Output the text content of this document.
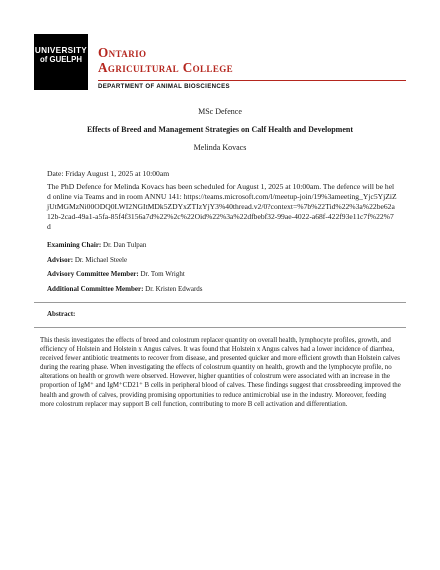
UNIVERSITY
of GUELPH	Ontario
Agricultural College
DEPARTMENT OF ANIMAL BIOSCIENCES
MSc Defence
Effects of Breed and Management Strategies on Calf Health and Development
Melinda Kovacs
Date: Friday August 1, 2025 at 10:00am
The PhD Defence for Melinda Kovacs has been scheduled for August 1, 2025 at 10:00am. The defence will be held online via Teams and in room ANNU 141: https://teams.microsoft.com/l/meetup-join/19%3ameeting_Yjc5YjZiZjUtMGMzNi00ODQ0LWI2NGItMDk5ZDYxZTIzYjY3%40thread.v2/0?context=%7b%22Tid%22%3a%22be62a12b-2cad-49a1-a5fa-85f4f3156a7d%22%2c%22Oid%22%3a%22dfbebf32-99ae-4022-a68f-422f93e11c7f%22%7d
Examining Chair: Dr. Dan Tulpan
Advisor: Dr. Michael Steele
Advisory Committee Member: Dr. Tom Wright
Additional Committee Member: Dr. Kristen Edwards
Abstract:
This thesis investigates the effects of breed and colostrum replacer quantity on overall health, lymphocyte profiles, growth, and efficiency of Holstein and Holstein x Angus calves. It was found that Holstein x Angus calves had a lower incidence of diarrhea, received fewer antibiotic treatments to recover from disease, and presented quicker and more efficient growth than Holstein calves during the rearing phase. When investigating the effects of colostrum quantity on health, growth and the lymphocyte profile, no alterations on health or growth were observed. However, higher quantities of colostrum were associated with an increase in the proportion of IgM⁺ and IgM⁺CD21⁺ B cells in peripheral blood of calves. These findings suggest that crossbreeding improved the health and growth of calves, providing promising opportunities to reduce antimicrobial use in the industry. Moreover, feeding more colostrum replacer may support B cell function, contributing to more B cell activation and differentiation.
